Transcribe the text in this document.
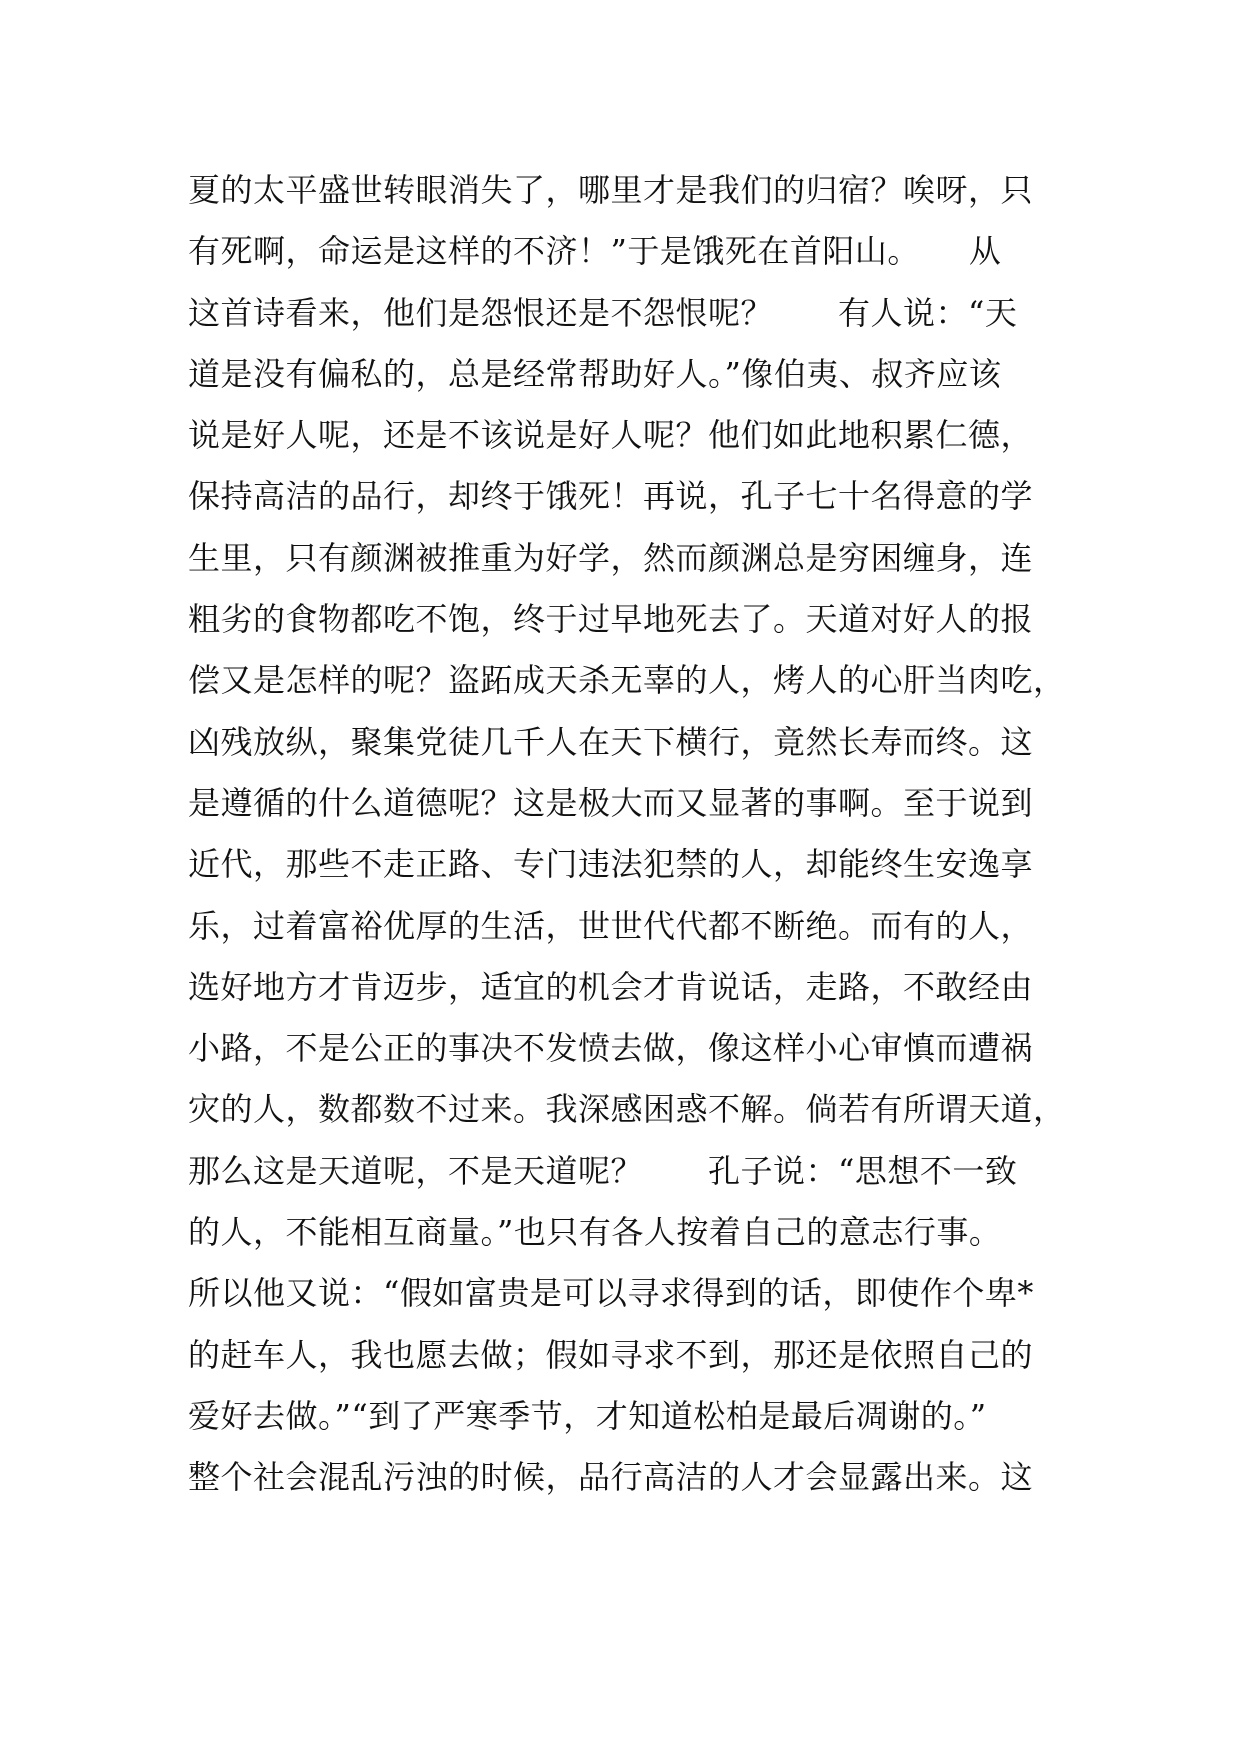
夏的太平盛世转眼消失了，哪里才是我们的归宿？唉呀，只
有死啊，命运是这样的不济！”于是饿死在首阳山。　　从
这首诗看来，他们是怨恨还是不怨恨呢？　　有人说：“天
道是没有偏私的，总是经常帮助好人。”像伯夷、叔齐应该
说是好人呢，还是不该说是好人呢？他们如此地积累仁德，
保持高洁的品行，却终于饿死！再说，孔子七十名得意的学
生里，只有颜渊被推重为好学，然而颜渊总是穷困缠身，连
粗劣的食物都吃不饱，终于过早地死去了。天道对好人的报
偿又是怎样的呢？盗跖成天杀无辜的人，烤人的心肝当肉吃，
凶残放纵，聚集党徒几千人在天下横行，竟然长寿而终。这
是遵循的什么道德呢？这是极大而又显著的事啊。至于说到
近代，那些不走正路、专门违法犯禁的人，却能终生安逸享
乐，过着富裕优厚的生活，世世代代都不断绝。而有的人，
选好地方才肯迈步，适宜的机会才肯说话，走路，不敢经由
小路，不是公正的事决不发愤去做，像这样小心审慎而遭祸
灾的人，数都数不过来。我深感困惑不解。倘若有所谓天道，
那么这是天道呢，不是天道呢？　　孔子说：“思想不一致
的人，不能相互商量。”也只有各人按着自己的意志行事。
所以他又说：“假如富贵是可以寻求得到的话，即使作个卑*
的赶车人，我也愿去做；假如寻求不到，那还是依照自己的
爱好去做。”“到了严寒季节，才知道松柏是最后凋谢的。”
整个社会混乱污浊的时候，品行高洁的人才会显露出来。这
